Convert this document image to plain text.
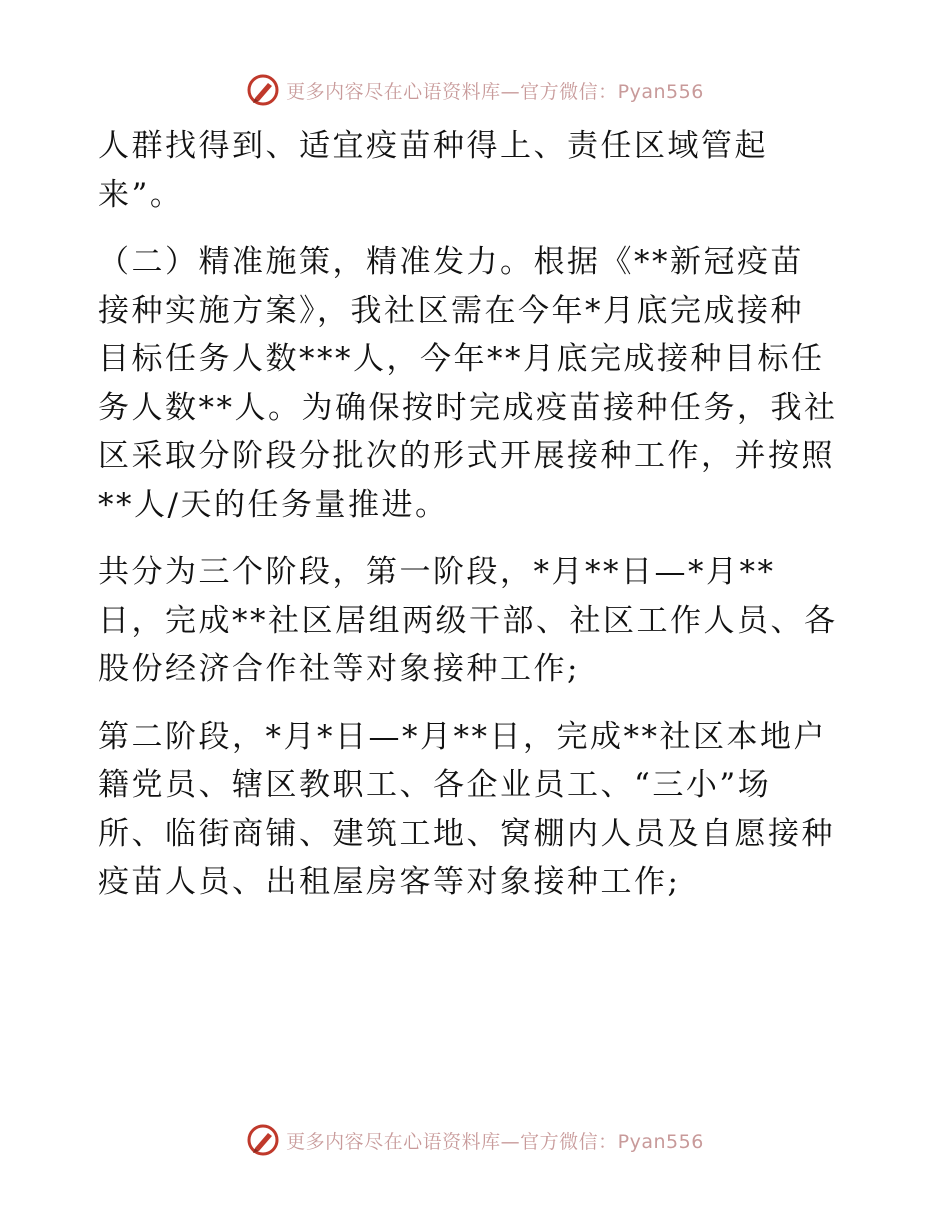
更多内容尽在心语资料库—官方微信：Pyan556

人群找得到、适宜疫苗种得上、责任区域管起
来”。

（二）精准施策，精准发力。根据《**新冠疫苗
接种实施方案》，我社区需在今年*月底完成接种
目标任务人数***人，今年**月底完成接种目标任
务人数**人。为确保按时完成疫苗接种任务，我社
区采取分阶段分批次的形式开展接种工作，并按照
**人/天的任务量推进。

共分为三个阶段，第一阶段，*月**日—*月**
日，完成**社区居组两级干部、社区工作人员、各
股份经济合作社等对象接种工作;

第二阶段，*月*日—*月**日，完成**社区本地户
籍党员、辖区教职工、各企业员工、“三小”场
所、临街商铺、建筑工地、窝棚内人员及自愿接种
疫苗人员、出租屋房客等对象接种工作;

更多内容尽在心语资料库—官方微信：Pyan556
